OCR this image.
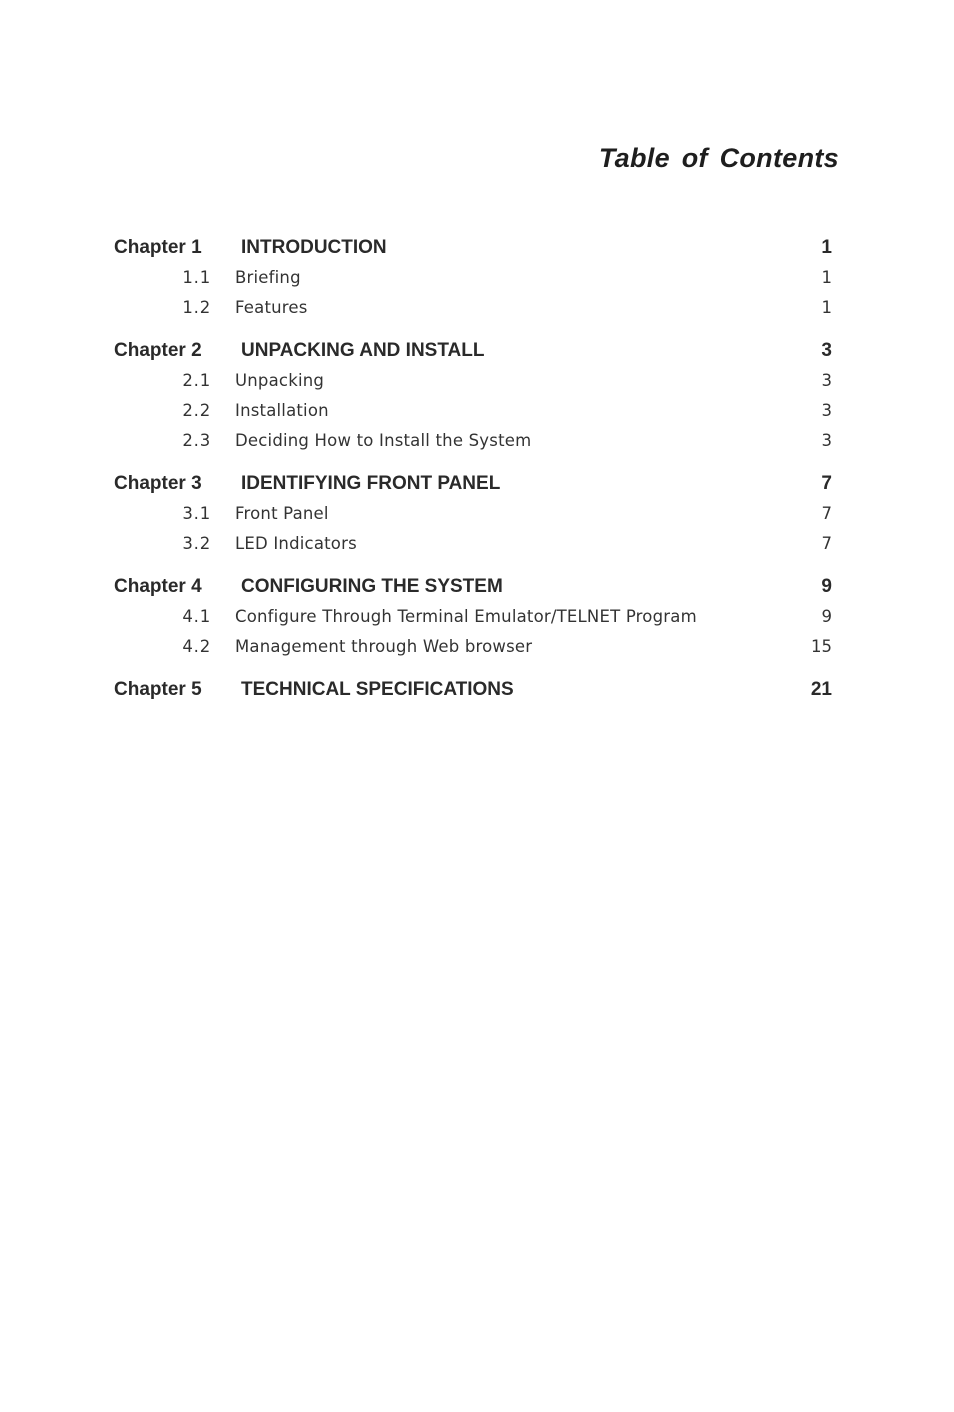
Table of Contents
Chapter 1	INTRODUCTION	1
1.1	Briefing	1
1.2	Features	1
Chapter 2	UNPACKING AND INSTALL	3
2.1	Unpacking	3
2.2	Installation	3
2.3	Deciding How to Install the System	3
Chapter 3	IDENTIFYING FRONT PANEL	7
3.1	Front Panel	7
3.2	LED Indicators	7
Chapter 4	CONFIGURING THE SYSTEM	9
4.1	Configure Through Terminal Emulator/TELNET Program	9
4.2	Management through Web browser	15
Chapter 5	TECHNICAL SPECIFICATIONS	21
